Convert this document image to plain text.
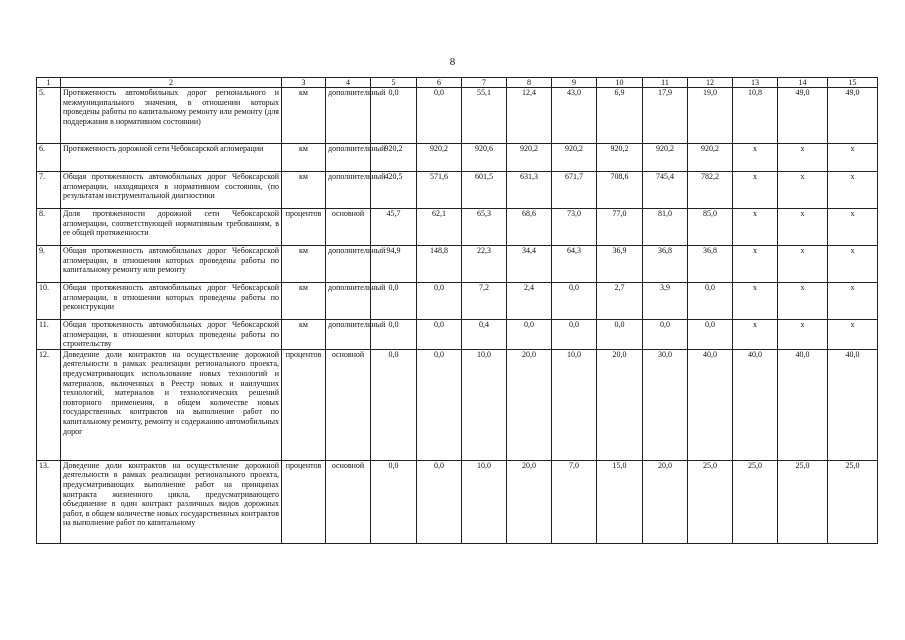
8
1	2	3	4	5	6	7	8	9	10	11	12	13	14	15
5.	Протяженность автомобильных дорог регионального и межмуниципального значения, в отношении которых проведены работы по капитальному ремонту или ремонту (для поддержания в нормативном состоянии)	км	дополнительный	0,0	0,0	55,1	12,4	43,0	6,9	17,9	19,0	10,8	49,0	49,0
6.	Протяженность дорожной сети Чебоксарской агломерации	км	дополнительный	920,2	920,2	920,6	920,2	920,2	920,2	920,2	920,2	x	x	x
7.	Общая протяженность автомобильных дорог Чебоксарской агломерации, находящихся в нормативном состоянии, (по результатам инструментальной диагностики	км	дополнительный	420,5	571,6	601,5	631,3	671,7	708,6	745,4	782,2	x	x	x
8.	Доля протяженности дорожной сети Чебоксарской агломерации, соответствующей нормативным требованиям, в ее общей протяженности	процентов	основной	45,7	62,1	65,3	68,6	73,0	77,0	81,0	85,0	x	x	x
9.	Общая протяженность автомобильных дорог Чебоксарской агломерации, в отношении которых проведены работы по капитальному ремонту или ремонту	км	дополнительный	94,9	148,8	22,3	34,4	64,3	36,9	36,8	36,8	x	x	x
10.	Общая протяженность автомобильных дорог Чебоксарской агломерации, в отношении которых проведены работы по реконструкции	км	дополнительный	0,0	0,0	7,2	2,4	0,0	2,7	3,9	0,0	x	x	x
11.	Общая протяженность автомобильных дорог Чебоксарской агломерации, в отношении которых проведены работы по строительству	км	дополнительный	0,0	0,0	0,4	0,0	0,0	0,0	0,0	0,0	x	x	x
12.	Доведение доли контрактов на осуществление дорожной деятельности в рамках реализации регионального проекта, предусматривающих использование новых технологий и материалов, включенных в Реестр новых и наилучших технологий, материалов и технологических решений повторного применения, в общем количестве новых государственных контрактов на выполнение работ по капитальному ремонту, ремонту и содержанию автомобильных дорог	процентов	основной	0,0	0,0	10,0	20,0	10,0	20,0	30,0	40,0	40,0	40,0	40,0
13.	Доведение доли контрактов на осуществление дорожной деятельности в рамках реализации регионального проекта, предусматривающих выполнение работ на принципах контракта жизненного цикла, предусматривающего объединение в один контракт различных видов дорожных работ, в общем количестве новых государственных контрактов на выполнение работ по капитальному	процентов	основной	0,0	0,0	10,0	20,0	7,0	15,0	20,0	25,0	25,0	25,0	25,0
